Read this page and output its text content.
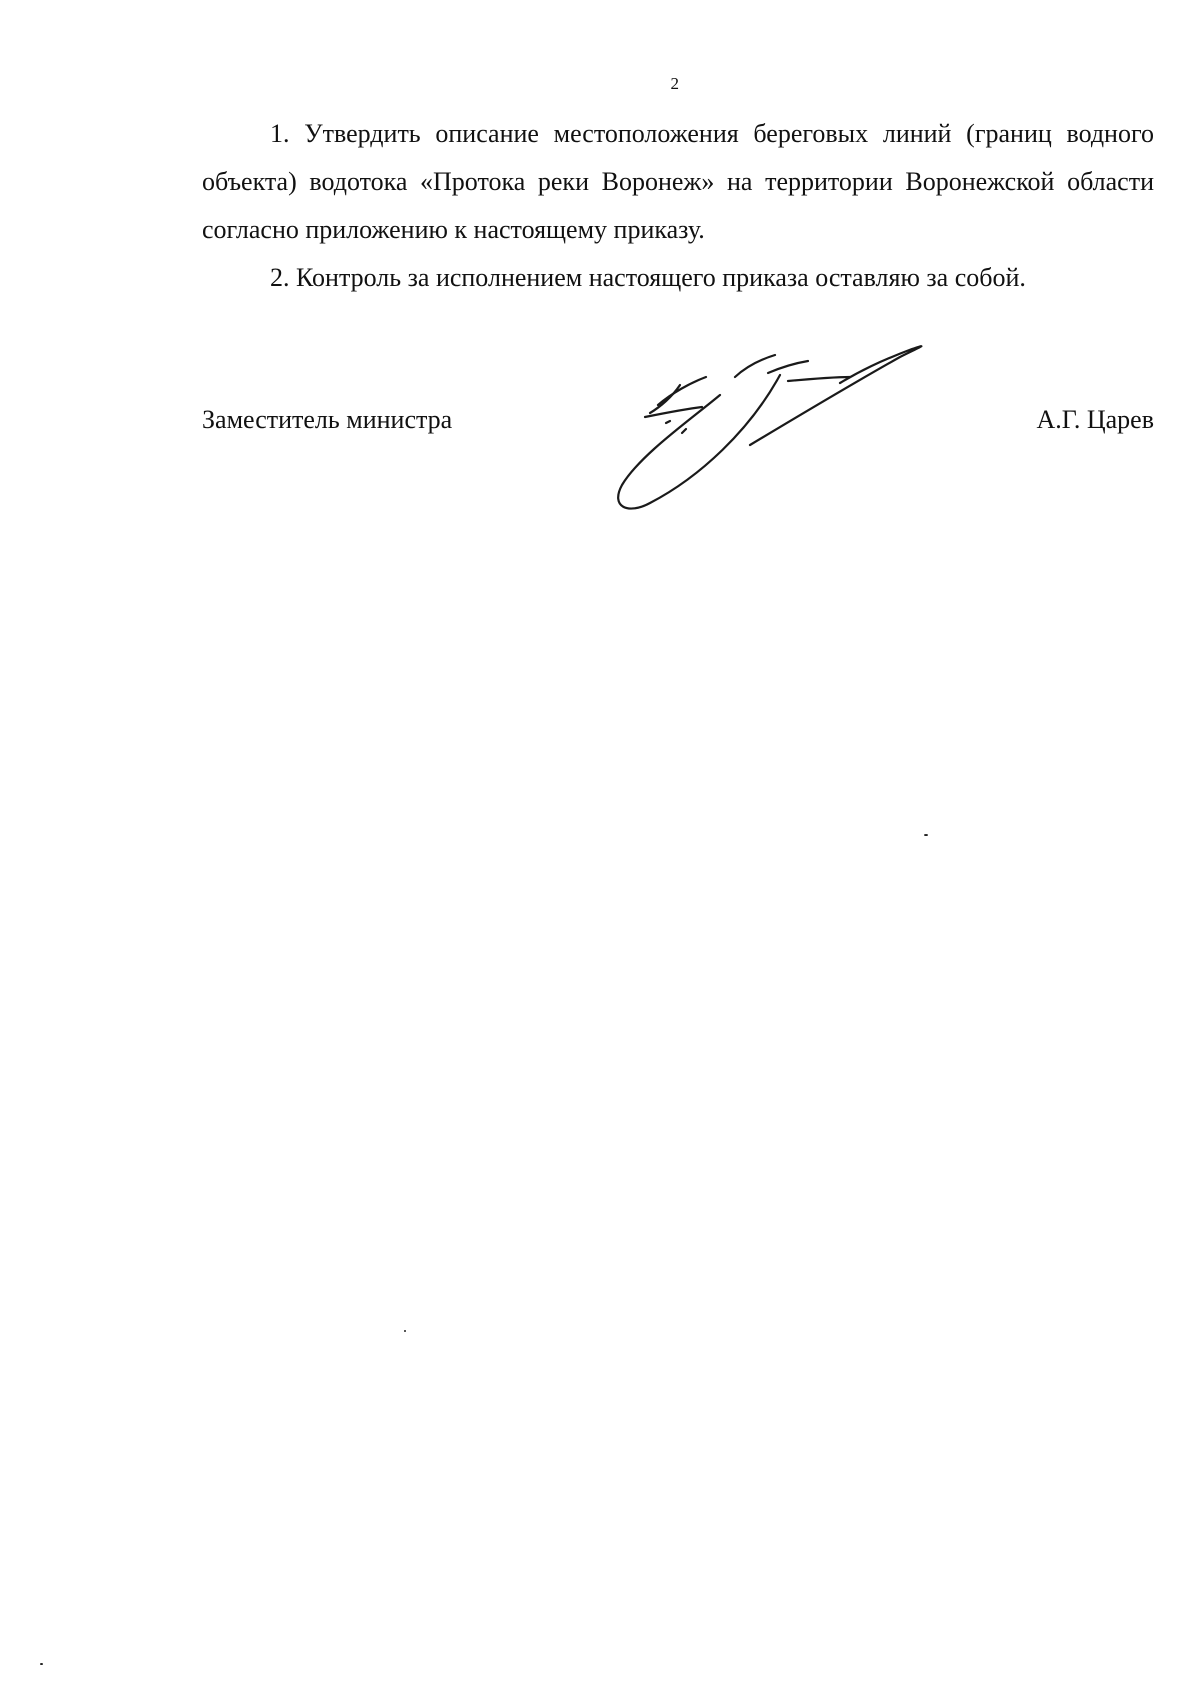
2

1. Утвердить описание местоположения береговых линий (границ водного объекта) водотока «Протока реки Воронеж» на территории Воронежской области согласно приложению к настоящему приказу.

2. Контроль за исполнением настоящего приказа оставляю за собой.

Заместитель министра	А.Г. Царев
